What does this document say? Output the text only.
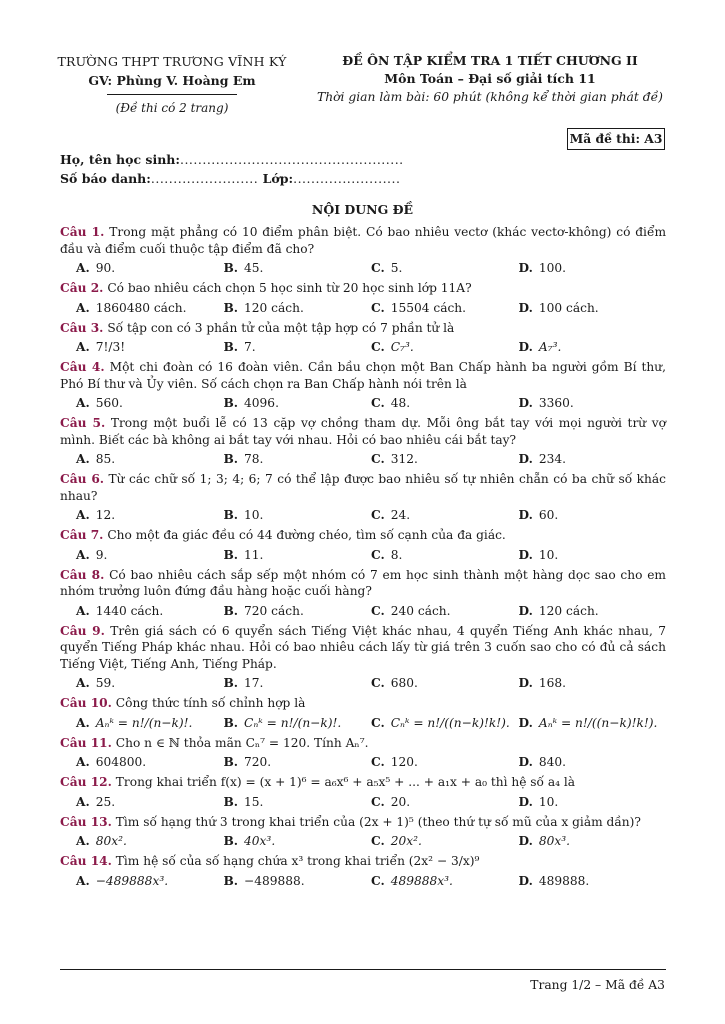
TRƯỜNG THPT TRƯƠNG VĨNH KÝ
GV: Phùng V. Hoàng Em
(Đề thi có 2 trang)
ĐỀ ÔN TẬP KIỂM TRA 1 TIẾT CHƯƠNG II
Môn Toán – Đại số giải tích 11
Thời gian làm bài: 60 phút (không kể thời gian phát đề)
Mã đề thi: A3
Họ, tên học sinh:..................................................
Số báo danh:........................ Lớp:........................
NỘI DUNG ĐỀ
Câu 1. Trong mặt phẳng có 10 điểm phân biệt. Có bao nhiêu vectơ (khác vectơ-không) có điểm đầu và điểm cuối thuộc tập điểm đã cho?
A. 90.	B. 45.	C. 5.	D. 100.
Câu 2. Có bao nhiêu cách chọn 5 học sinh từ 20 học sinh lớp 11A?
A. 1860480 cách.	B. 120 cách.	C. 15504 cách.	D. 100 cách.
Câu 3. Số tập con có 3 phần tử của một tập hợp có 7 phần tử là
A. 7!/3!	B. 7.	C. C₇³.	D. A₇³.
Câu 4. Một chi đoàn có 16 đoàn viên. Cần bầu chọn một Ban Chấp hành ba người gồm Bí thư, Phó Bí thư và Ủy viên. Số cách chọn ra Ban Chấp hành nói trên là
A. 560.	B. 4096.	C. 48.	D. 3360.
Câu 5. Trong một buổi lễ có 13 cặp vợ chồng tham dự. Mỗi ông bắt tay với mọi người trừ vợ mình. Biết các bà không ai bắt tay với nhau. Hỏi có bao nhiêu cái bắt tay?
A. 85.	B. 78.	C. 312.	D. 234.
Câu 6. Từ các chữ số 1; 3; 4; 6; 7 có thể lập được bao nhiêu số tự nhiên chẵn có ba chữ số khác nhau?
A. 12.	B. 10.	C. 24.	D. 60.
Câu 7. Cho một đa giác đều có 44 đường chéo, tìm số cạnh của đa giác.
A. 9.	B. 11.	C. 8.	D. 10.
Câu 8. Có bao nhiêu cách sắp sếp một nhóm có 7 em học sinh thành một hàng dọc sao cho em nhóm trưởng luôn đứng đầu hàng hoặc cuối hàng?
A. 1440 cách.	B. 720 cách.	C. 240 cách.	D. 120 cách.
Câu 9. Trên giá sách có 6 quyển sách Tiếng Việt khác nhau, 4 quyển Tiếng Anh khác nhau, 7 quyển Tiếng Pháp khác nhau. Hỏi có bao nhiêu cách lấy từ giá trên 3 cuốn sao cho có đủ cả sách Tiếng Việt, Tiếng Anh, Tiếng Pháp.
A. 59.	B. 17.	C. 680.	D. 168.
Câu 10. Công thức tính số chỉnh hợp là
A. Aₙᵏ = n!/(n−k)!.	B. Cₙᵏ = n!/(n−k)!.	C. Cₙᵏ = n!/((n−k)!k!). D. Aₙᵏ = n!/((n−k)!k!).
Câu 11. Cho n ∈ ℕ thỏa mãn Cₙ⁷ = 120. Tính Aₙ⁷.
A. 604800.	B. 720.	C. 120.	D. 840.
Câu 12. Trong khai triển f(x) = (x + 1)⁶ = a₆x⁶ + a₅x⁵ + ... + a₁x + a₀ thì hệ số a₄ là
A. 25.	B. 15.	C. 20.	D. 10.
Câu 13. Tìm số hạng thứ 3 trong khai triển của (2x + 1)⁵ (theo thứ tự số mũ của x giảm dần)?
A. 80x².	B. 40x³.	C. 20x².	D. 80x³.
Câu 14. Tìm hệ số của số hạng chứa x³ trong khai triển (2x² − 3/x)⁹
A. −489888x³.	B. −489888.	C. 489888x³.	D. 489888.
Trang 1/2 – Mã đề A3
